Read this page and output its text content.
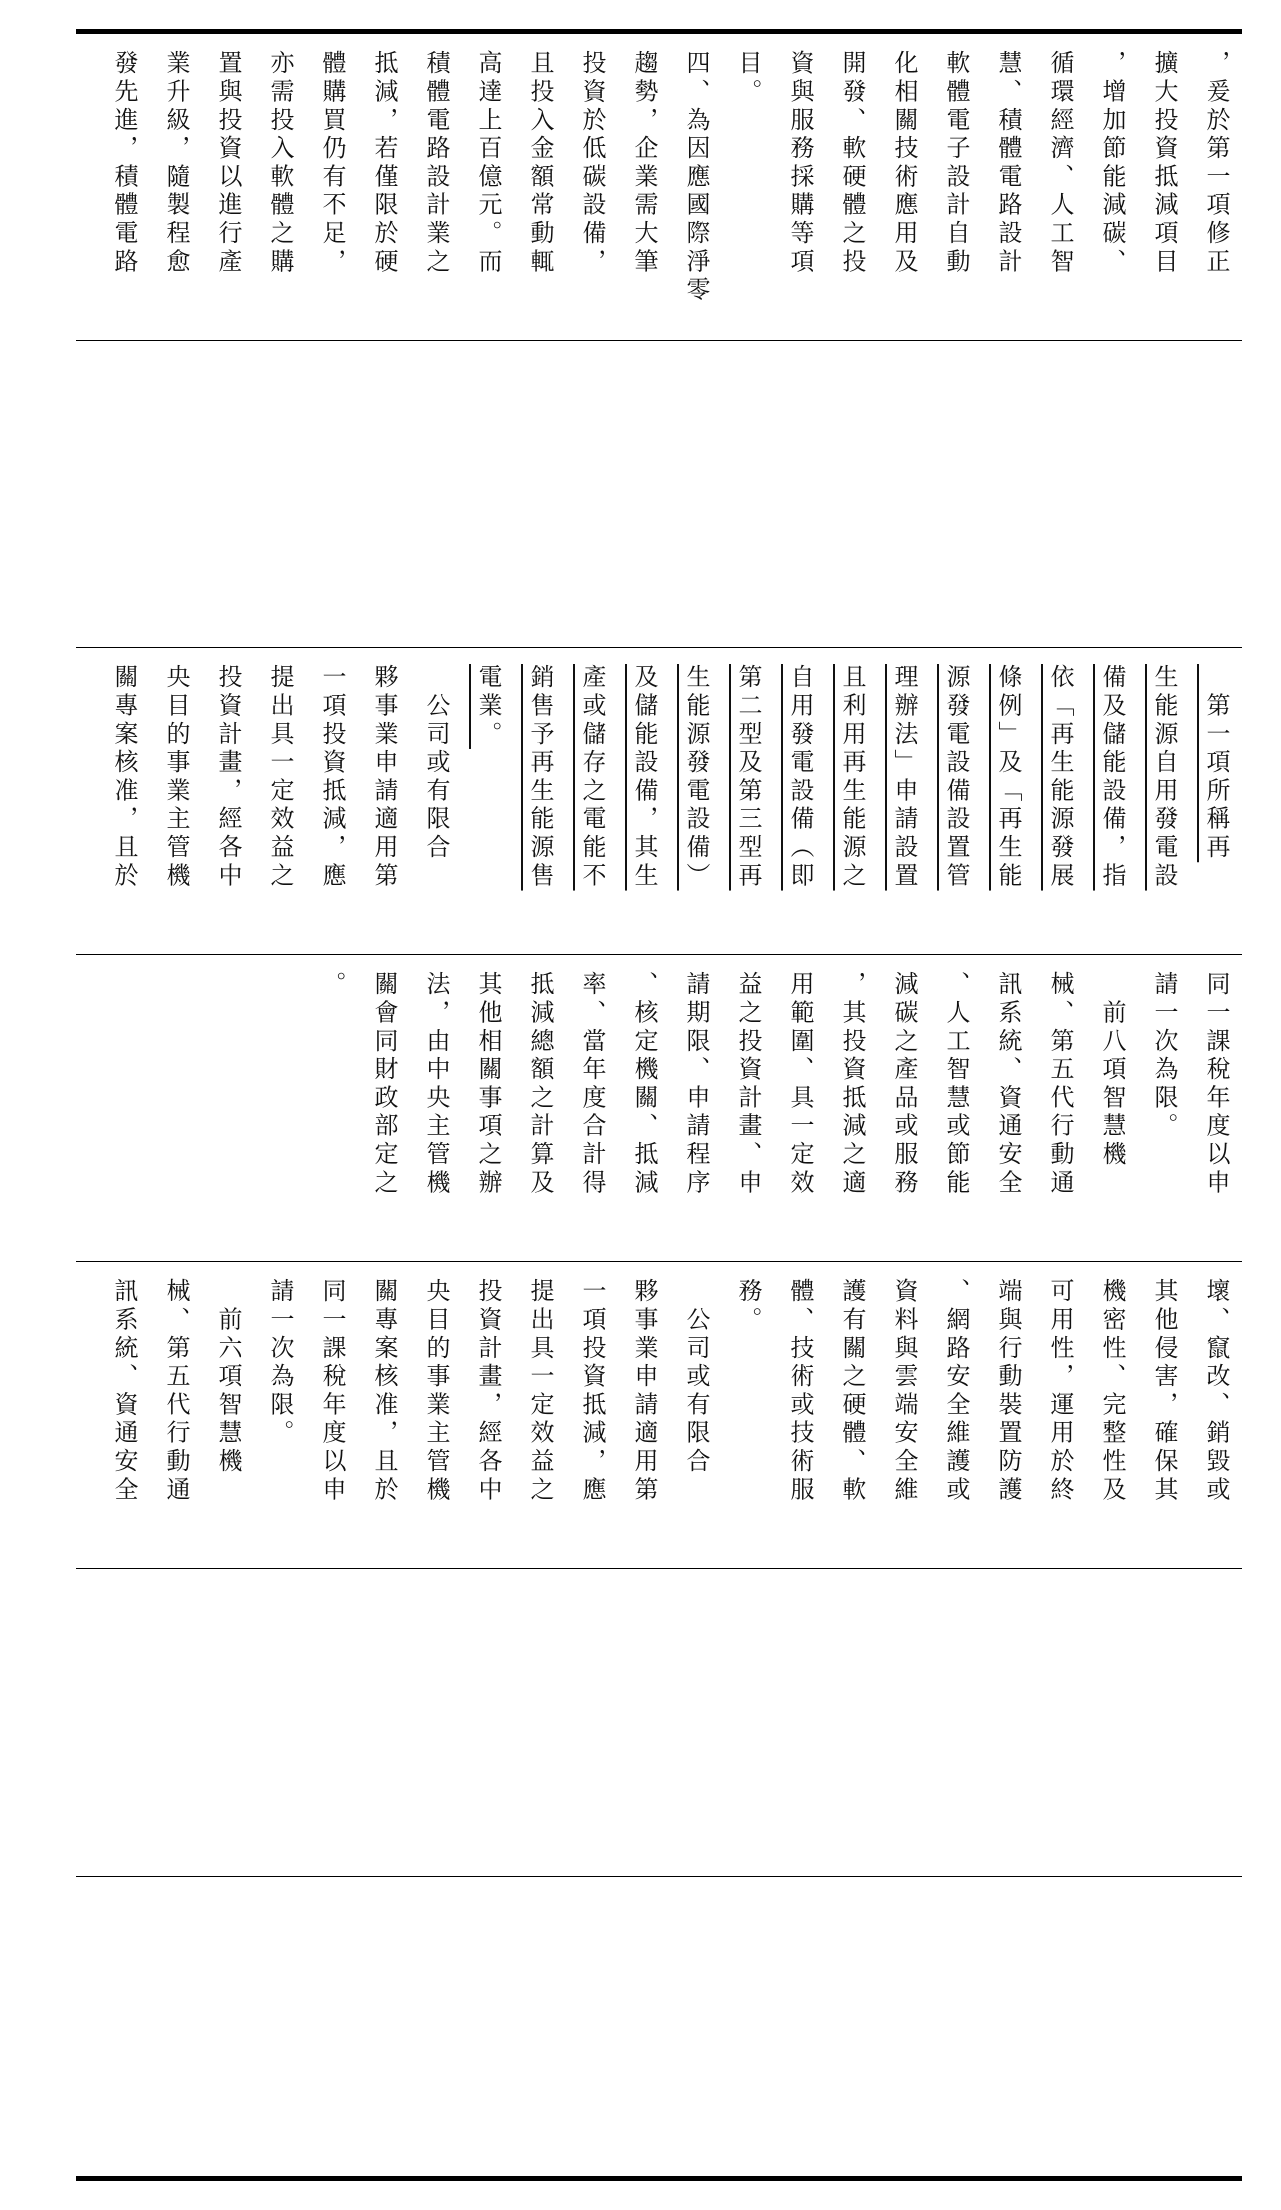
，爰於第一項修正
擴大投資抵減項目
，增加節能減碳、
循環經濟、人工智
慧、積體電路設計
軟體電子設計自動
化相關技術應用及
開發、軟硬體之投
資與服務採購等項
目。
四、為因應國際淨零
趨勢，企業需大筆
投資於低碳設備，
且投入金額常動輒
高達上百億元。而
積體電路設計業之
抵減，若僅限於硬
體購買仍有不足，
亦需投入軟體之購
置與投資以進行產
業升級，隨製程愈
發先進，積體電路
　第一項所稱再
生能源自用發電設
備及儲能設備，指
依「再生能源發展
條例」及「再生能
源發電設備設置管
理辦法」申請設置
且利用再生能源之
自用發電設備（即
第二型及第三型再
生能源發電設備）
及儲能設備，其生
產或儲存之電能不
銷售予再生能源售
電業。
　公司或有限合
夥事業申請適用第
一項投資抵減，應
提出具一定效益之
投資計畫，經各中
央目的事業主管機
關專案核准，且於
同一課稅年度以申
請一次為限。
　前八項智慧機
械、第五代行動通
訊系統、資通安全
、人工智慧或節能
減碳之產品或服務
，其投資抵減之適
用範圍、具一定效
益之投資計畫、申
請期限、申請程序
、核定機關、抵減
率、當年度合計得
抵減總額之計算及
其他相關事項之辦
法，由中央主管機
關會同財政部定之
。
壞、竄改、銷毀或
其他侵害，確保其
機密性、完整性及
可用性，運用於終
端與行動裝置防護
、網路安全維護或
資料與雲端安全維
護有關之硬體、軟
體、技術或技術服
務。
　公司或有限合
夥事業申請適用第
一項投資抵減，應
提出具一定效益之
投資計畫，經各中
央目的事業主管機
關專案核准，且於
同一課稅年度以申
請一次為限。
　前六項智慧機
械、第五代行動通
訊系統、資通安全
